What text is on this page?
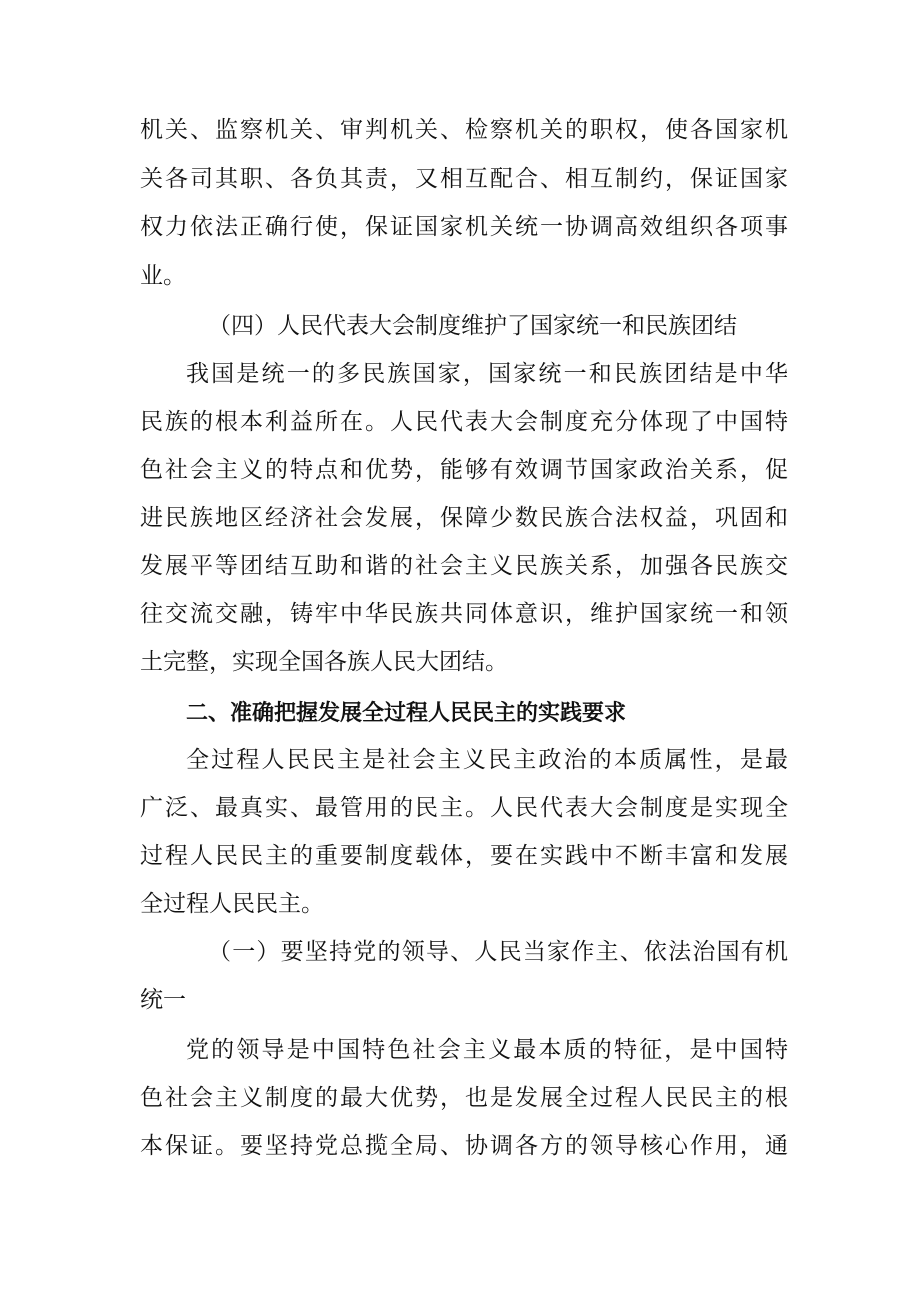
机关、监察机关、审判机关、检察机关的职权，使各国家机
关各司其职、各负其责，又相互配合、相互制约，保证国家
权力依法正确行使，保证国家机关统一协调高效组织各项事
业。
（四）人民代表大会制度维护了国家统一和民族团结
我国是统一的多民族国家，国家统一和民族团结是中华
民族的根本利益所在。人民代表大会制度充分体现了中国特
色社会主义的特点和优势，能够有效调节国家政治关系，促
进民族地区经济社会发展，保障少数民族合法权益，巩固和
发展平等团结互助和谐的社会主义民族关系，加强各民族交
往交流交融，铸牢中华民族共同体意识，维护国家统一和领
土完整，实现全国各族人民大团结。
二、准确把握发展全过程人民民主的实践要求
全过程人民民主是社会主义民主政治的本质属性，是最
广泛、最真实、最管用的民主。人民代表大会制度是实现全
过程人民民主的重要制度载体，要在实践中不断丰富和发展
全过程人民民主。
（一）要坚持党的领导、人民当家作主、依法治国有机
统一
党的领导是中国特色社会主义最本质的特征，是中国特
色社会主义制度的最大优势，也是发展全过程人民民主的根
本保证。要坚持党总揽全局、协调各方的领导核心作用，通
